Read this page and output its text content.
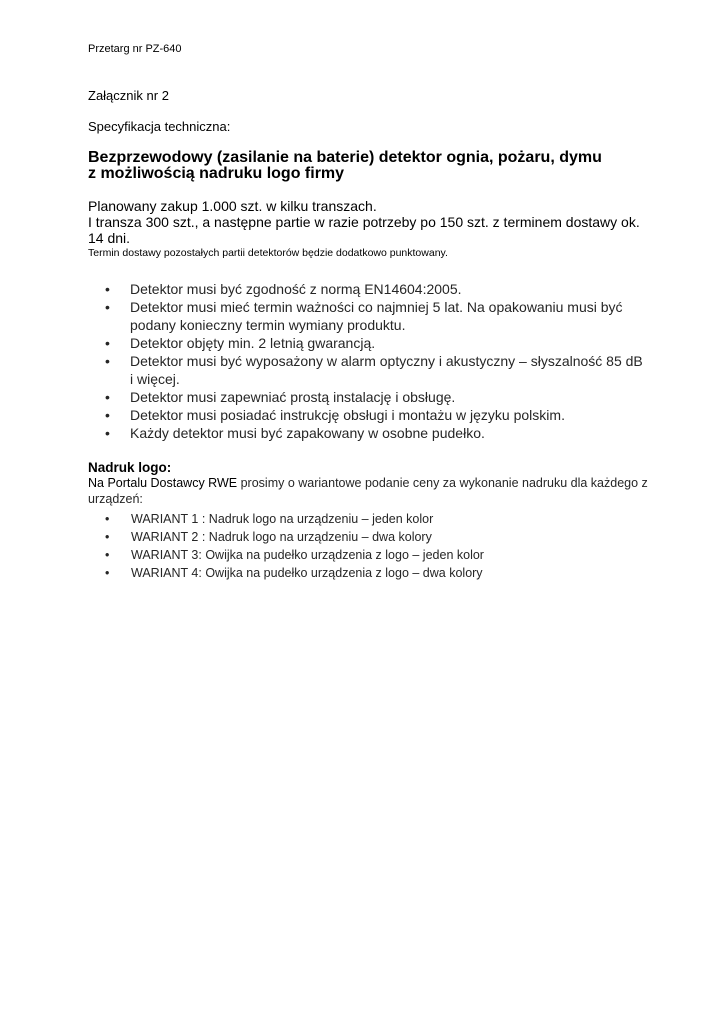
Przetarg nr PZ-640
Załącznik nr 2
Specyfikacja techniczna:
Bezprzewodowy (zasilanie na baterie) detektor ognia, pożaru, dymu
z możliwością nadruku logo firmy
Planowany zakup 1.000 szt. w kilku transzach.
I transza 300 szt., a następne partie w razie potrzeby po 150 szt. z terminem dostawy ok. 14 dni.
Termin dostawy pozostałych partii detektorów będzie dodatkowo punktowany.
• Detektor musi być zgodność z normą EN14604:2005.
• Detektor musi mieć termin ważności co najmniej 5 lat. Na opakowaniu musi być podany konieczny termin wymiany produktu.
• Detektor objęty min. 2 letnią gwarancją.
• Detektor musi być wyposażony w alarm optyczny i akustyczny – słyszalność 85 dB i więcej.
• Detektor musi zapewniać prostą instalację i obsługę.
• Detektor musi posiadać instrukcję obsługi i montażu w języku polskim.
• Każdy detektor musi być zapakowany w osobne pudełko.
Nadruk logo:
Na Portalu Dostawcy RWE prosimy o wariantowe podanie ceny za wykonanie nadruku dla każdego z urządzeń:
• WARIANT 1 : Nadruk logo na urządzeniu – jeden kolor
• WARIANT 2 : Nadruk logo na urządzeniu – dwa kolory
• WARIANT 3: Owijka na pudełko urządzenia z logo – jeden kolor
• WARIANT 4: Owijka na pudełko urządzenia z logo – dwa kolory
